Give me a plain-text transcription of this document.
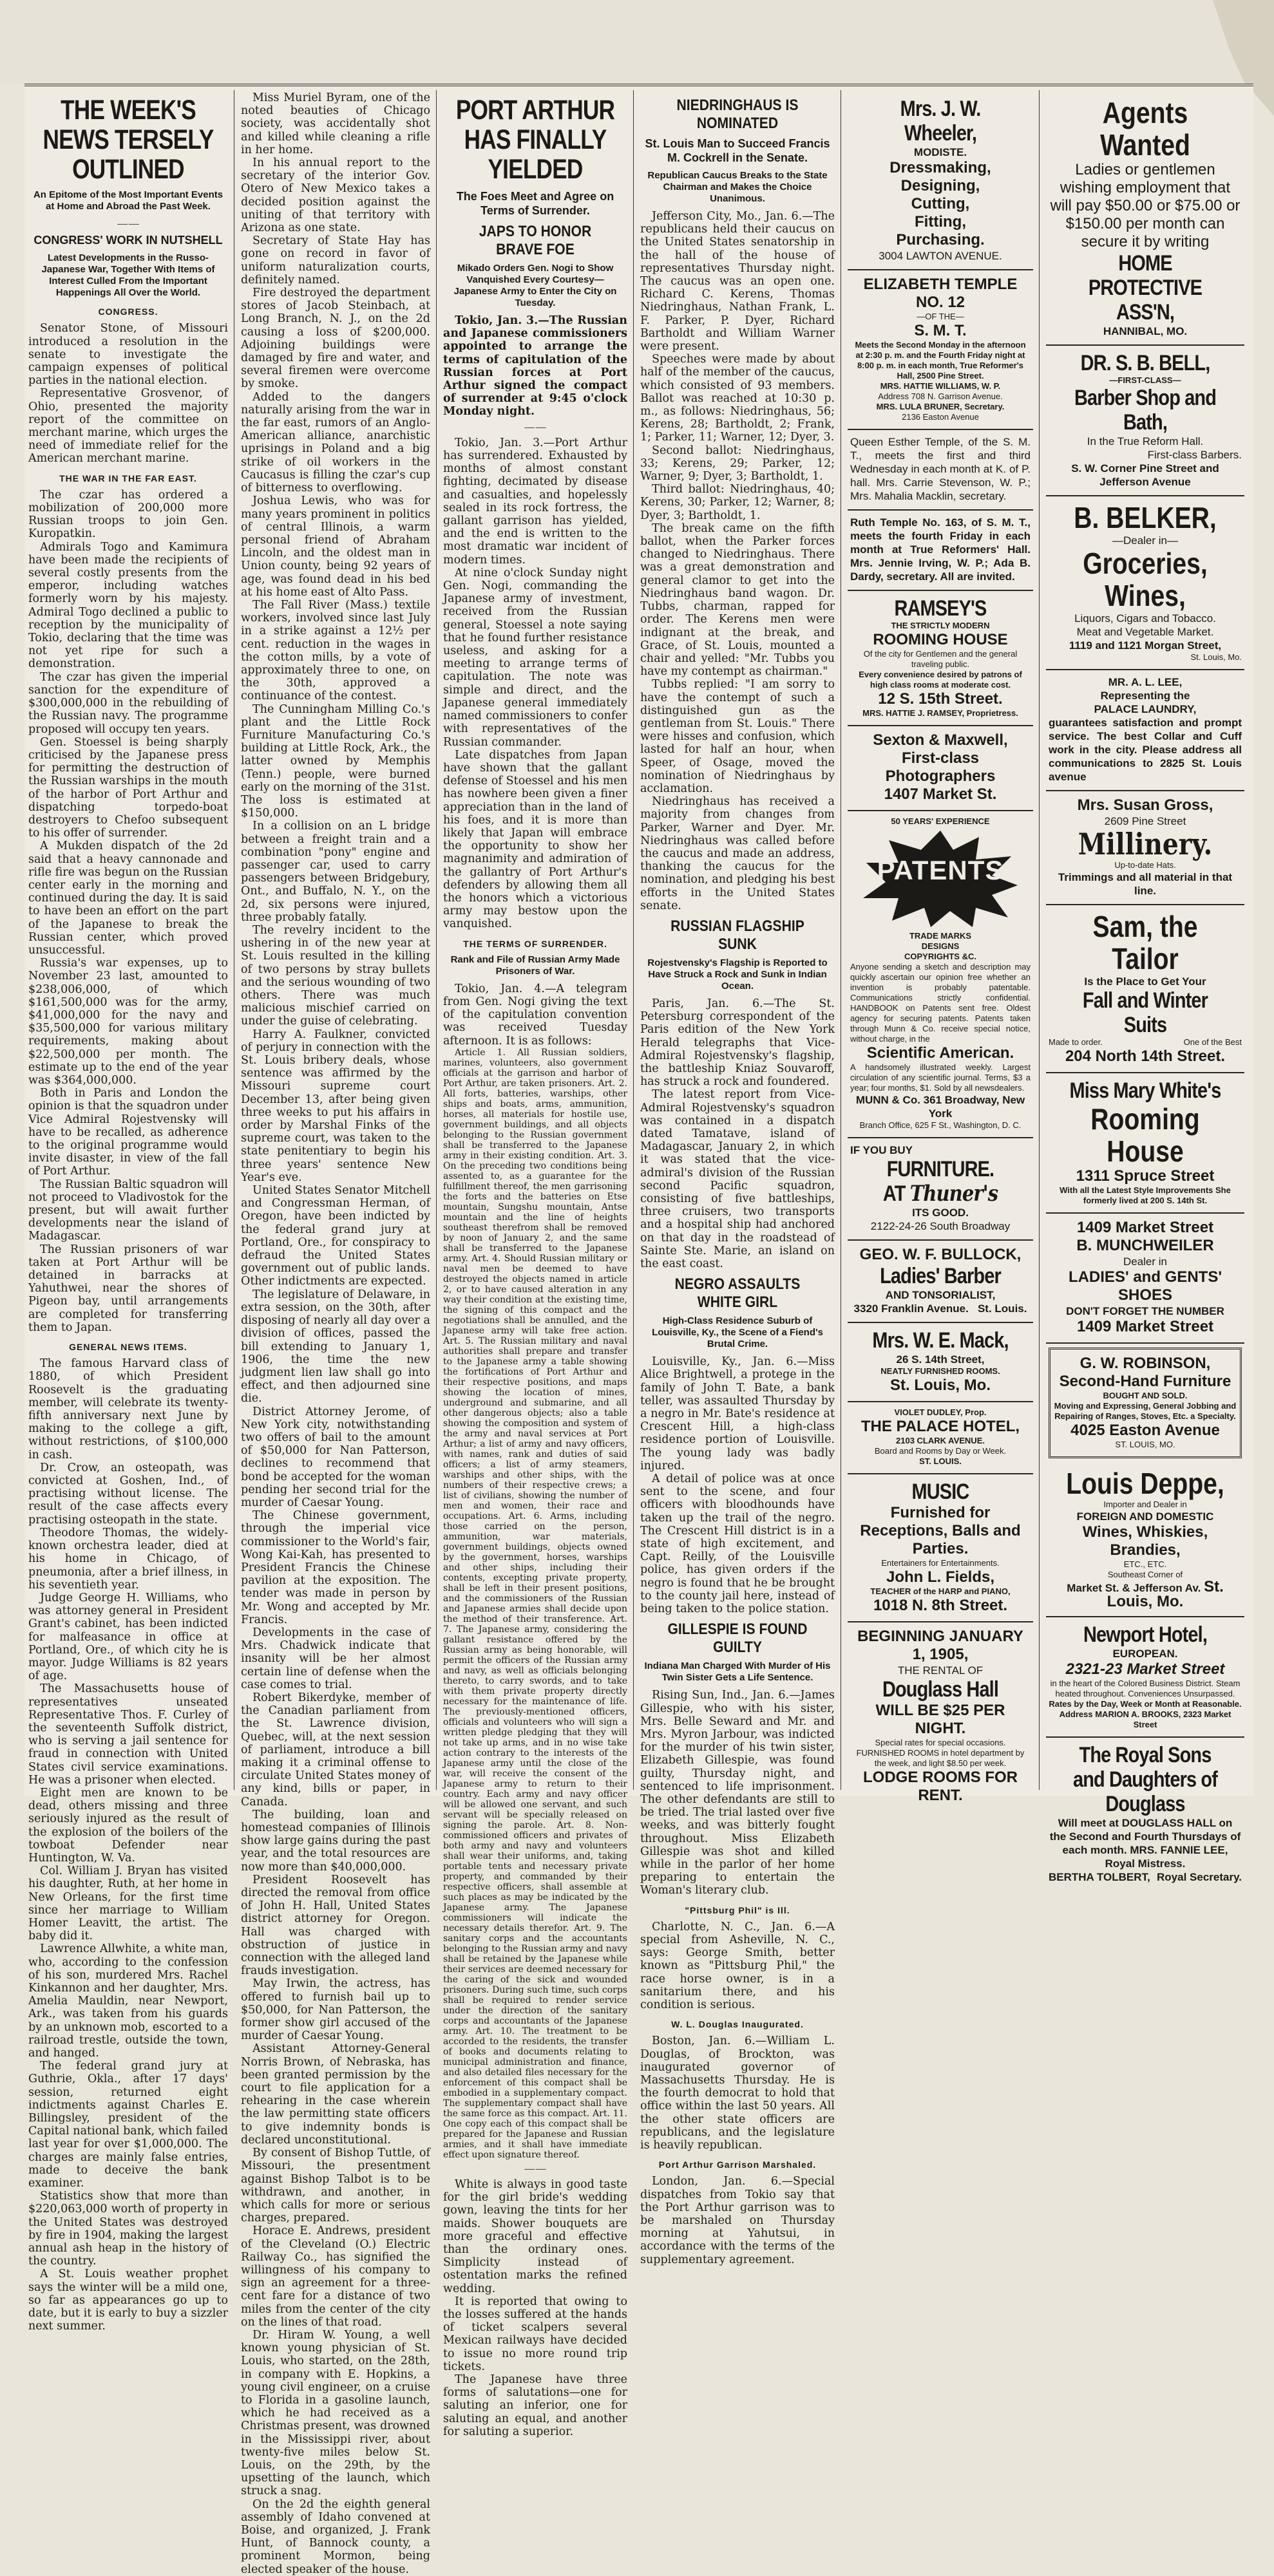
THE WEEK'S NEWS TERSELY OUTLINED
An Epitome of the Most Important Events at Home and Abroad the Past Week.
——
CONGRESS' WORK IN NUTSHELL
Latest Developments in the Russo-Japanese War, Together With Items of Interest Culled From the Important Happenings All Over the World.
CONGRESS.

Senator Stone, of Missouri introduced a resolution in the senate to investigate the campaign expenses of political parties in the national election.

Representative Grosvenor, of Ohio, presented the majority report of the committee on merchant marine, which urges the need of immediate relief for the American merchant marine.

THE WAR IN THE FAR EAST.

The czar has ordered a mobilization of 200,000 more Russian troops to join Gen. Kuropatkin.

Admirals Togo and Kamimura have been made the recipients of several costly presents from the emperor, including watches formerly worn by his majesty. Admiral Togo declined a public to reception by the municipality of Tokio, declaring that the time was not yet ripe for such a demonstration.

The czar has given the imperial sanction for the expenditure of $300,000,000 in the rebuilding of the Russian navy. The programme proposed will occupy ten years.

Gen. Stoessel is being sharply criticised by the Japanese press for permitting the destruction of the Russian warships in the mouth of the harbor of Port Arthur and dispatching torpedo-boat destroyers to Chefoo subsequent to his offer of surrender.

A Mukden dispatch of the 2d said that a heavy cannonade and rifle fire was begun on the Russian center early in the morning and continued during the day. It is said to have been an effort on the part of the Japanese to break the Russian center, which proved unsuccessful.

Russia's war expenses, up to November 23 last, amounted to $238,006,000, of which $161,500,000 was for the army, $41,000,000 for the navy and $35,500,000 for various military requirements, making about $22,500,000 per month. The estimate up to the end of the year was $364,000,000.

Both in Paris and London the opinion is that the squadron under Vice Admiral Rojestvensky will have to be recalled, as adherence to the original programme would invite disaster, in view of the fall of Port Arthur.

The Russian Baltic squadron will not proceed to Vladivostok for the present, but will await further developments near the island of Madagascar.

The Russian prisoners of war taken at Port Arthur will be detained in barracks at Yahuthwei, near the shores of Pigeon bay, until arrangements are completed for transferring them to Japan.

GENERAL NEWS ITEMS.

The famous Harvard class of 1880, of which President Roosevelt is the graduating member, will celebrate its twenty-fifth anniversary next June by making to the college a gift, without restrictions, of $100,000 in cash.

Dr. Crow, an osteopath, was convicted at Goshen, Ind., of practising without license. The result of the case affects every practising osteopath in the state.

Theodore Thomas, the widely-known orchestra leader, died at his home in Chicago, of pneumonia, after a brief illness, in his seventieth year.

Judge George H. Williams, who was attorney general in President Grant's cabinet, has been indicted for malfeasance in office at Portland, Ore., of which city he is mayor. Judge Williams is 82 years of age.

The Massachusetts house of representatives unseated Representative Thos. F. Curley of the seventeenth Suffolk district, who is serving a jail sentence for fraud in connection with United States civil service examinations. He was a prisoner when elected.

Eight men are known to be dead, others missing and three seriously injured as the result of the explosion of the boilers of the towboat Defender near Huntington, W. Va.

Col. William J. Bryan has visited his daughter, Ruth, at her home in New Orleans, for the first time since her marriage to William Homer Leavitt, the artist. The baby did it.

Lawrence Allwhite, a white man, who, according to the confession of his son, murdered Mrs. Rachel Kinkannon and her daughter, Mrs. Amelia Mauldin, near Newport, Ark., was taken from his guards by an unknown mob, escorted to a railroad trestle, outside the town, and hanged.

The federal grand jury at Guthrie, Okla., after 17 days' session, returned eight indictments against Charles E. Billingsley, president of the Capital national bank, which failed last year for over $1,000,000. The charges are mainly false entries, made to deceive the bank examiner.

Statistics show that more than $220,063,000 worth of property in the United States was destroyed by fire in 1904, making the largest annual ash heap in the history of the country.

A St. Louis weather prophet says the winter will be a mild one, so far as appearances go up to date, but it is early to buy a sizzler next summer.

Miss Muriel Byram, one of the noted beauties of Chicago society, was accidentally shot and killed while cleaning a rifle in her home.

In his annual report to the secretary of the interior Gov. Otero of New Mexico takes a decided position against the uniting of that territory with Arizona as one state.

Secretary of State Hay has gone on record in favor of uniform naturalization courts, definitely named.

Fire destroyed the department stores of Jacob Steinbach, at Long Branch, N. J., on the 2d causing a loss of $200,000. Adjoining buildings were damaged by fire and water, and several firemen were overcome by smoke.

Added to the dangers naturally arising from the war in the far east, rumors of an Anglo-American alliance, anarchistic uprisings in Poland and a big strike of oil workers in the Caucasus is filling the czar's cup of bitterness to overflowing.

Joshua Lewis, who was for many years prominent in politics of central Illinois, a warm personal friend of Abraham Lincoln, and the oldest man in Union county, being 92 years of age, was found dead in his bed at his home east of Alto Pass.

The Fall River (Mass.) textile workers, involved since last July in a strike against a 12½ per cent. reduction in the wages in the cotton mills, by a vote of approximately three to one, on the 30th, approved a continuance of the contest.

The Cunningham Milling Co.'s plant and the Little Rock Furniture Manufacturing Co.'s building at Little Rock, Ark., the latter owned by Memphis (Tenn.) people, were burned early on the morning of the 31st. The loss is estimated at $150,000.

In a collision on an L bridge between a freight train and a combination "pony" engine and passenger car, used to carry passengers between Bridgebury, Ont., and Buffalo, N. Y., on the 2d, six persons were injured, three probably fatally.

The revelry incident to the ushering in of the new year at St. Louis resulted in the killing of two persons by stray bullets and the serious wounding of two others. There was much malicious mischief carried on under the guise of celebrating.

Harry A. Faulkner, convicted of perjury in connection with the St. Louis bribery deals, whose sentence was affirmed by the Missouri supreme court December 13, after being given three weeks to put his affairs in order by Marshal Finks of the supreme court, was taken to the state penitentiary to begin his three years' sentence New Year's eve.

United States Senator Mitchell and Congressman Herman, of Oregon, have been indicted by the federal grand jury at Portland, Ore., for conspiracy to defraud the United States government out of public lands. Other indictments are expected.

The legislature of Delaware, in extra session, on the 30th, after disposing of nearly all day over a division of offices, passed the bill extending to January 1, 1906, the time the new judgment lien law shall go into effect, and then adjourned sine die.

District Attorney Jerome, of New York city, notwithstanding two offers of bail to the amount of $50,000 for Nan Patterson, declines to recommend that bond be accepted for the woman pending her second trial for the murder of Caesar Young.

The Chinese government, through the imperial vice commissioner to the World's fair, Wong Kai-Kah, has presented to President Francis the Chinese pavilion at the exposition. The tender was made in person by Mr. Wong and accepted by Mr. Francis.

Developments in the case of Mrs. Chadwick indicate that insanity will be her almost certain line of defense when the case comes to trial.

Robert Bikerdyke, member of the Canadian parliament from the St. Lawrence division, Quebec, will, at the next session of parliament, introduce a bill making it a criminal offense to circulate United States money of any kind, bills or paper, in Canada.

The building, loan and homestead companies of Illinois show large gains during the past year, and the total resources are now more than $40,000,000.

President Roosevelt has directed the removal from office of John H. Hall, United States district attorney for Oregon. Hall was charged with obstruction of justice in connection with the alleged land frauds investigation.

May Irwin, the actress, has offered to furnish bail up to $50,000, for Nan Patterson, the former show girl accused of the murder of Caesar Young.

Assistant Attorney-General Norris Brown, of Nebraska, has been granted permission by the court to file application for a rehearing in the case wherein the law permitting state officers to give indemnity bonds is declared unconstitutional.

By consent of Bishop Tuttle, of Missouri, the presentment against Bishop Talbot is to be withdrawn, and another, in which calls for more or serious charges, prepared.

Horace E. Andrews, president of the Cleveland (O.) Electric Railway Co., has signified the willingness of his company to sign an agreement for a three-cent fare for a distance of two miles from the center of the city on the lines of that road.

Dr. Hiram W. Young, a well known young physician of St. Louis, who started, on the 28th, in company with E. Hopkins, a young civil engineer, on a cruise to Florida in a gasoline launch, which he had received as a Christmas present, was drowned in the Mississippi river, about twenty-five miles below St. Louis, on the 29th, by the upsetting of the launch, which struck a snag.

On the 2d the eighth general assembly of Idaho convened at Boise, and organized, J. Frank Hunt, of Bannock county, a prominent Mormon, being elected speaker of the house.

PORT ARTHUR HAS FINALLY YIELDED
The Foes Meet and Agree on Terms of Surrender.
JAPS TO HONOR BRAVE FOE
Mikado Orders Gen. Nogi to Show Vanquished Every Courtesy—Japanese Army to Enter the City on Tuesday.

Tokio, Jan. 3.—The Russian and Japanese commissioners appointed to arrange the terms of capitulation of the Russian forces at Port Arthur signed the compact of surrender at 9:45 o'clock Monday night.

——

Tokio, Jan. 3.—Port Arthur has surrendered. Exhausted by months of almost constant fighting, decimated by disease and casualties, and hopelessly sealed in its rock fortress, the gallant garrison has yielded, and the end is written to the most dramatic war incident of modern times.

At nine o'clock Sunday night Gen. Nogi, commanding the Japanese army of investment, received from the Russian general, Stoessel a note saying that he found further resistance useless, and asking for a meeting to arrange terms of capitulation. The note was simple and direct, and the Japanese general immediately named commissioners to confer with representatives of the Russian commander.

Late dispatches from Japan have shown that the gallant defense of Stoessel and his men has nowhere been given a finer appreciation than in the land of his foes, and it is more than likely that Japan will embrace the opportunity to show her magnanimity and admiration of the gallantry of Port Arthur's defenders by allowing them all the honors which a victorious army may bestow upon the vanquished.

THE TERMS OF SURRENDER.
Rank and File of Russian Army Made Prisoners of War.

Tokio, Jan. 4.—A telegram from Gen. Nogi giving the text of the capitulation convention was received Tuesday afternoon. It is as follows:

Article 1. All Russian soldiers, marines, volunteers, also government officials at the garrison and harbor of Port Arthur, are taken prisoners. Art. 2. All forts, batteries, warships, other ships and boats, arms, ammunition, horses, all materials for hostile use, government buildings, and all objects belonging to the Russian government shall be transferred to the Japanese army in their existing condition. Art. 3. On the preceding two conditions being assented to, as a guarantee for the fulfillment thereof, the men garrisoning the forts and the batteries on Etse mountain, Sungshu mountain, Antse mountain and the line of heights southeast therefrom shall be removed by noon of January 2, and the same shall be transferred to the Japanese army. Art. 4. Should Russian military or naval men be deemed to have destroyed the objects named in article 2, or to have caused alteration in any way their condition at the existing time, the signing of this compact and the negotiations shall be annulled, and the Japanese army will take free action. Art. 5. The Russian military and naval authorities shall prepare and transfer to the Japanese army a table showing the fortifications of Port Arthur and their respective positions, and maps showing the location of mines, underground and submarine, and all other dangerous objects; also a table showing the composition and system of the army and naval services at Port Arthur; a list of army and navy officers, with names, rank and duties of said officers; a list of army steamers, warships and other ships, with the numbers of their respective crews; a list of civilians, showing the number of men and women, their race and occupations. Art. 6. Arms, including those carried on the person, ammunition, war materials, government buildings, objects owned by the government, horses, warships and other ships, including their contents, excepting private property, shall be left in their present positions, and the commissioners of the Russian and Japanese armies shall decide upon the method of their transference. Art. 7. The Japanese army, considering the gallant resistance offered by the Russian army as being honorable, will permit the officers of the Russian army and navy, as well as officials belonging thereto, to carry swords, and to take with them private property directly necessary for the maintenance of life. The previously-mentioned officers, officials and volunteers who will sign a written pledge pledging that they will not take up arms, and in no wise take action contrary to the interests of the Japanese army until the close of the war, will receive the consent of the Japanese army to return to their country. Each army and navy officer will be allowed one servant, and such servant will be specially released on signing the parole. Art. 8. Non-commissioned officers and privates of both army and navy and volunteers shall wear their uniforms, and, taking portable tents and necessary private property, and commanded by their respective officers, shall assemble at such places as may be indicated by the Japanese army. The Japanese commissioners will indicate the necessary details therefor. Art. 9. The sanitary corps and the accountants belonging to the Russian army and navy shall be retained by the Japanese while their services are deemed necessary for the caring of the sick and wounded prisoners. During such time, such corps shall be required to render service under the direction of the sanitary corps and accountants of the Japanese army. Art. 10. The treatment to be accorded to the residents, the transfer of books and documents relating to municipal administration and finance, and also detailed files necessary for the enforcement of this compact shall be embodied in a supplementary compact. The supplementary compact shall have the same force as this compact. Art. 11. One copy each of this compact shall be prepared for the Japanese and Russian armies, and it shall have immediate effect upon signature thereof.

——

White is always in good taste for the girl bride's wedding gown, leaving the tints for her maids. Shower bouquets are more graceful and effective than the ordinary ones. Simplicity instead of ostentation marks the refined wedding.

It is reported that owing to the losses suffered at the hands of ticket scalpers several Mexican railways have decided to issue no more round trip tickets.

The Japanese have three forms of salutations—one for saluting an inferior, one for saluting an equal, and another for saluting a superior.

NIEDRINGHAUS IS NOMINATED
St. Louis Man to Succeed Francis M. Cockrell in the Senate.
Republican Caucus Breaks to the State Chairman and Makes the Choice Unanimous.

Jefferson City, Mo., Jan. 6.—The republicans held their caucus on the United States senatorship in the hall of the house of representatives Thursday night. The caucus was an open one. Richard C. Kerens, Thomas Niedringhaus, Nathan Frank, L. F. Parker, P. Dyer, Richard Bartholdt and William Warner were present.

Speeches were made by about half of the member of the caucus, which consisted of 93 members. Ballot was reached at 10:30 p. m., as follows: Niedringhaus, 56; Kerens, 28; Bartholdt, 2; Frank, 1; Parker, 11; Warner, 12; Dyer, 3.

Second ballot: Niedringhaus, 33; Kerens, 29; Parker, 12; Warner, 9; Dyer, 3; Bartholdt, 1.

Third ballot: Niedringhaus, 40; Kerens, 30; Parker, 12; Warner, 8; Dyer, 3; Bartholdt, 1.

The break came on the fifth ballot, when the Parker forces changed to Niedringhaus. There was a great demonstration and general clamor to get into the Niedringhaus band wagon. Dr. Tubbs, charman, rapped for order. The Kerens men were indignant at the break, and Grace, of St. Louis, mounted a chair and yelled: "Mr. Tubbs you have my contempt as chairman."

Tubbs replied: "I am sorry to have the contempt of such a distinguished gun as the gentleman from St. Louis." There were hisses and confusion, which lasted for half an hour, when Speer, of Osage, moved the nomination of Niedringhaus by acclamation.

Niedringhaus has received a majority from changes from Parker, Warner and Dyer. Mr. Niedringhaus was called before the caucus and made an address, thanking the caucus for the nomination, and pledging his best efforts in the United States senate.

RUSSIAN FLAGSHIP SUNK
Rojestvensky's Flagship is Reported to Have Struck a Rock and Sunk in Indian Ocean.

Paris, Jan. 6.—The St. Petersburg correspondent of the Paris edition of the New York Herald telegraphs that Vice-Admiral Rojestvensky's flagship, the battleship Kniaz Souvaroff, has struck a rock and foundered.

The latest report from Vice-Admiral Rojestvensky's squadron was contained in a dispatch dated Tamatave, island of Madagascar, January 2, in which it was stated that the vice-admiral's division of the Russian second Pacific squadron, consisting of five battleships, three cruisers, two transports and a hospital ship had anchored on that day in the roadstead of Sainte Ste. Marie, an island on the east coast.

NEGRO ASSAULTS WHITE GIRL
High-Class Residence Suburb of Louisville, Ky., the Scene of a Fiend's Brutal Crime.

Louisville, Ky., Jan. 6.—Miss Alice Brightwell, a protege in the family of John T. Bate, a bank teller, was assaulted Thursday by a negro in Mr. Bate's residence at Crescent Hill, a high-class residence portion of Louisville. The young lady was badly injured.

A detail of police was at once sent to the scene, and four officers with bloodhounds have taken up the trail of the negro. The Crescent Hill district is in a state of high excitement, and Capt. Reilly, of the Louisville police, has given orders if the negro is found that he be brought to the county jail here, instead of being taken to the police station.

GILLESPIE IS FOUND GUILTY
Indiana Man Charged With Murder of His Twin Sister Gets a Life Sentence.

Rising Sun, Ind., Jan. 6.—James Gillespie, who with his sister, Mrs. Belle Seward and Mr. and Mrs. Myron Jarbour, was indicted for the murder of his twin sister, Elizabeth Gillespie, was found guilty, Thursday night, and sentenced to life imprisonment. The other defendants are still to be tried. The trial lasted over five weeks, and was bitterly fought throughout. Miss Elizabeth Gillespie was shot and killed while in the parlor of her home preparing to entertain the Woman's literary club.

"Pittsburg Phil" is Ill.

Charlotte, N. C., Jan. 6.—A special from Asheville, N. C., says: George Smith, better known as "Pittsburg Phil," the race horse owner, is in a sanitarium there, and his condition is serious.

W. L. Douglas Inaugurated.

Boston, Jan. 6.—William L. Douglas, of Brockton, was inaugurated governor of Massachusetts Thursday. He is the fourth democrat to hold that office within the last 50 years. All the other state officers are republicans, and the legislature is heavily republican.

Port Arthur Garrison Marshaled.

London, Jan. 6.—Special dispatches from Tokio say that the Port Arthur garrison was to be marshaled on Thursday morning at Yahutsui, in accordance with the terms of the supplementary agreement.

Mrs. J. W. Wheeler,
MODISTE.
Dressmaking,
Designing,
Cutting,
Fitting,
Purchasing.
3004 LAWTON AVENUE.
ELIZABETH TEMPLE NO. 12
—OF THE—
S. M. T.
Meets the Second Monday in the afternoon at 2:30 p. m. and the Fourth Friday night at 8:00 p. m. in each month, True Reformer's Hall, 2500 Pine Street.
MRS. HATTIE WILLIAMS, W. P.
Address 708 N. Garrison Avenue.
MRS. LULA BRUNER, Secretary.
2136 Easton Avenue
Queen Esther Temple, of the S. M. T., meets the first and third Wednesday in each month at K. of P. hall. Mrs. Carrie Stevenson, W. P.; Mrs. Mahalia Macklin, secretary.
Ruth Temple No. 163, of S. M. T., meets the fourth Friday in each month at True Reformers' Hall. Mrs. Jennie Irving, W. P.; Ada B. Dardy, secretary. All are invited.
RAMSEY'S
THE STRICTLY MODERN
ROOMING HOUSE
Of the city for Gentlemen and the general traveling public.
Every convenience desired by patrons of high class rooms at moderate cost.
12 S. 15th Street.
MRS. HATTIE J. RAMSEY, Proprietress.
Sexton & Maxwell,
First-class Photographers
1407 Market St.
50 YEARS' EXPERIENCE
PATENTS
TRADE MARKS
DESIGNS
COPYRIGHTS &C.
Anyone sending a sketch and description may quickly ascertain our opinion free whether an invention is probably patentable. Communications strictly confidential. HANDBOOK on Patents sent free. Oldest agency for securing patents. Patents taken through Munn & Co. receive special notice, without charge, in the
Scientific American.
A handsomely illustrated weekly. Largest circulation of any scientific journal. Terms, $3 a year; four months, $1. Sold by all newsdealers.
MUNN & Co. 361 Broadway, New York
Branch Office, 625 F St., Washington, D. C.
IF YOU BUY
FURNITURE.
AT Thuner's
ITS GOOD.
2122-24-26 South Broadway
GEO. W. F. BULLOCK,
Ladies' Barber
AND TONSORIALIST,
3320 Franklin Avenue. St. Louis.
Mrs. W. E. Mack,
26 S. 14th Street,
NEATLY FURNISHED ROOMS.
St. Louis, Mo.
VIOLET DUDLEY, Prop.
THE PALACE HOTEL,
2103 CLARK AVENUE.
Board and Rooms by Day or Week.
ST. LOUIS.
MUSIC
Furnished for
Receptions, Balls and Parties.
Entertainers for Entertainments.
John L. Fields,
TEACHER of the HARP and PIANO,
1018 N. 8th Street.
BEGINNING JANUARY 1, 1905,
THE RENTAL OF
Douglass Hall
WILL BE $25 PER NIGHT.
Special rates for special occasions.
FURNISHED ROOMS in hotel department by the week, and light $8.50 per week.
LODGE ROOMS FOR RENT.
Agents Wanted
Ladies or gentlemen wishing employment that will pay $50.00 or $75.00 or $150.00 per month can secure it by writing
HOME PROTECTIVE ASS'N,
HANNIBAL, MO.
DR. S. B. BELL,
—FIRST-CLASS—
Barber Shop and Bath,
In the True Reform Hall.
First-class Barbers.
S. W. Corner Pine Street and Jefferson Avenue
B. BELKER,
—Dealer in—
Groceries, Wines,
Liquors, Cigars and Tobacco.
Meat and Vegetable Market.
1119 and 1121 Morgan Street,
St. Louis, Mo.
MR. A. L. LEE,
Representing the
PALACE LAUNDRY,
guarantees satisfaction and prompt service. The best Collar and Cuff work in the city. Please address all communications to 2825 St. Louis avenue
Mrs. Susan Gross,
2609 Pine Street
Millinery.
Up-to-date Hats.
Trimmings and all material in that line.
Sam, the Tailor
Is the Place to Get Your
Fall and Winter Suits
Made to order.	One of the Best
204 North 14th Street.
Miss Mary White's
Rooming House
1311 Spruce Street
With all the Latest Style Improvements She formerly lived at 200 S. 14th St.
1409 Market Street
B. MUNCHWEILER
Dealer in
LADIES' and GENTS' SHOES
DON'T FORGET THE NUMBER
1409 Market Street
G. W. ROBINSON,
Second-Hand Furniture
BOUGHT AND SOLD.
Moving and Expressing, General Jobbing and Repairing of Ranges, Stoves, Etc. a Specialty.
4025 Easton Avenue
ST. LOUIS, MO.
Louis Deppe,
Importer and Dealer in
FOREIGN AND DOMESTIC
Wines, Whiskies, Brandies,
ETC., ETC.
Southeast Corner of
Market St. & Jefferson Av. St. Louis, Mo.
Newport Hotel,
EUROPEAN.
2321-23 Market Street
in the heart of the Colored Business District. Steam heated throughout. Conveniences Unsurpassed.
Rates by the Day, Week or Month at Reasonable.
Address MARION A. BROOKS, 2323 Market Street
The Royal Sons and Daughters of Douglass
Will meet at DOUGLASS HALL on the Second and Fourth Thursdays of each month. MRS. FANNIE LEE, Royal Mistress.
BERTHA TOLBERT, Royal Secretary.
